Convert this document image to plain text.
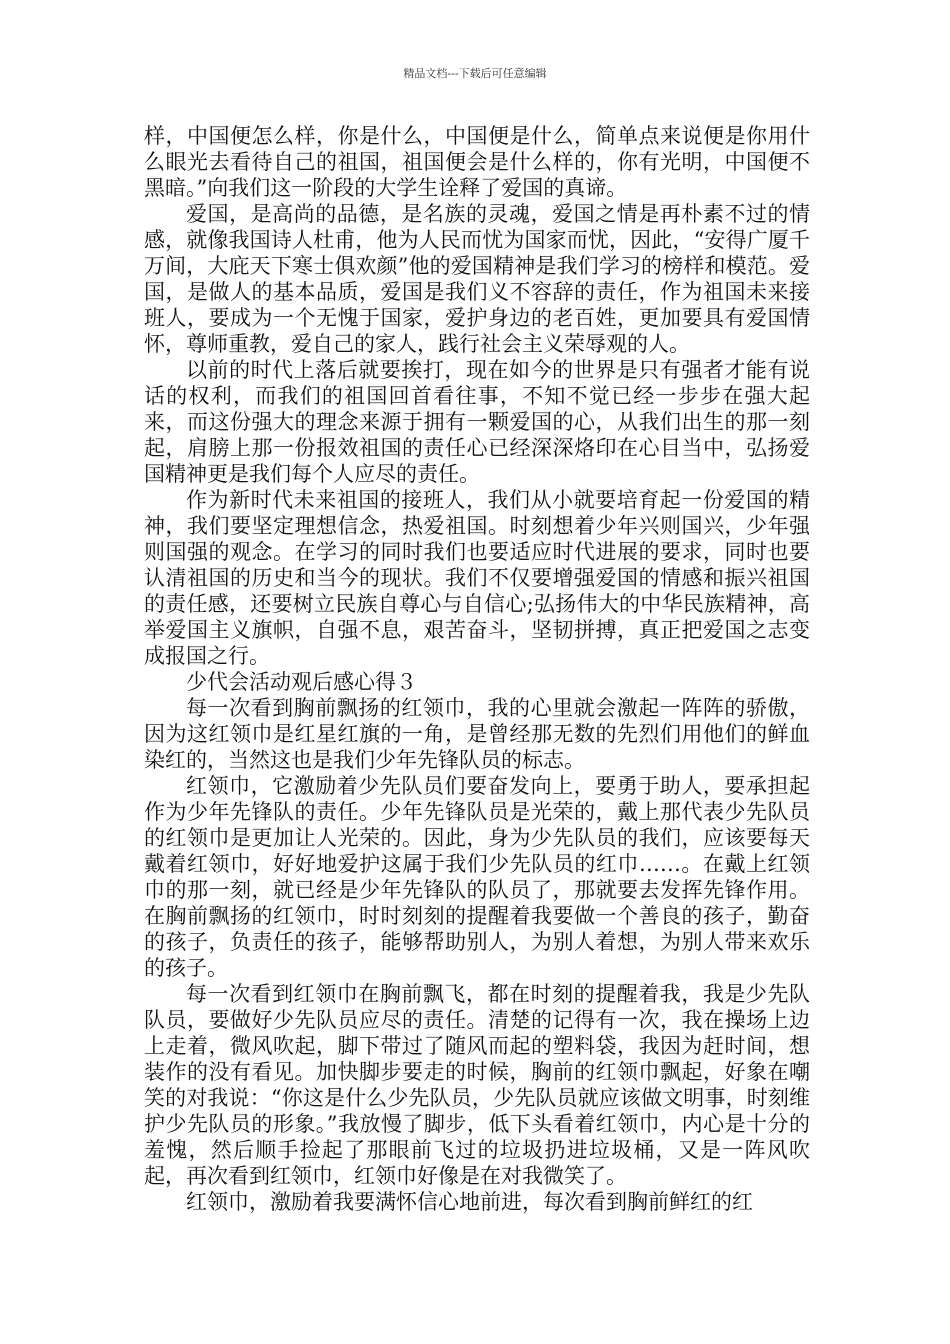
精品文档---下载后可任意编辑

样，中国便怎么样，你是什么，中国便是什么，简单点来说便是你用什么眼光去看待自己的祖国，祖国便会是什么样的，你有光明，中国便不黑暗。”向我们这一阶段的大学生诠释了爱国的真谛。

爱国，是高尚的品德，是名族的灵魂，爱国之情是再朴素不过的情感，就像我国诗人杜甫，他为人民而忧为国家而忧，因此，“安得广厦千万间，大庇天下寒士俱欢颜”他的爱国精神是我们学习的榜样和模范。爱国，是做人的基本品质，爱国是我们义不容辞的责任，作为祖国未来接班人，要成为一个无愧于国家，爱护身边的老百姓，更加要具有爱国情怀，尊师重教，爱自己的家人，践行社会主义荣辱观的人。

以前的时代上落后就要挨打，现在如今的世界是只有强者才能有说话的权利，而我们的祖国回首看往事，不知不觉已经一步步在强大起来，而这份强大的理念来源于拥有一颗爱国的心，从我们出生的那一刻起，肩膀上那一份报效祖国的责任心已经深深烙印在心目当中，弘扬爱国精神更是我们每个人应尽的责任。

作为新时代未来祖国的接班人，我们从小就要培育起一份爱国的精神，我们要坚定理想信念，热爱祖国。时刻想着少年兴则国兴，少年强则国强的观念。在学习的同时我们也要适应时代进展的要求，同时也要认清祖国的历史和当今的现状。我们不仅要增强爱国的情感和振兴祖国的责任感，还要树立民族自尊心与自信心;弘扬伟大的中华民族精神，高举爱国主义旗帜，自强不息，艰苦奋斗，坚韧拼搏，真正把爱国之志变成报国之行。

少代会活动观后感心得３

每一次看到胸前飘扬的红领巾，我的心里就会激起一阵阵的骄傲，因为这红领巾是红星红旗的一角，是曾经那无数的先烈们用他们的鲜血染红的，当然这也是我们少年先锋队员的标志。

红领巾，它激励着少先队员们要奋发向上，要勇于助人，要承担起作为少年先锋队的责任。少年先锋队员是光荣的，戴上那代表少先队员的红领巾是更加让人光荣的。因此，身为少先队员的我们，应该要每天戴着红领巾，好好地爱护这属于我们少先队员的红巾……。在戴上红领巾的那一刻，就已经是少年先锋队的队员了，那就要去发挥先锋作用。在胸前飘扬的红领巾，时时刻刻的提醒着我要做一个善良的孩子，勤奋的孩子，负责任的孩子，能够帮助别人，为别人着想，为别人带来欢乐的孩子。

每一次看到红领巾在胸前飘飞，都在时刻的提醒着我，我是少先队队员，要做好少先队员应尽的责任。清楚的记得有一次，我在操场上边上走着，微风吹起，脚下带过了随风而起的塑料袋，我因为赶时间，想装作的没有看见。加快脚步要走的时候，胸前的红领巾飘起，好象在嘲笑的对我说：“你这是什么少先队员，少先队员就应该做文明事，时刻维护少先队员的形象。”我放慢了脚步，低下头看着红领巾，内心是十分的羞愧，然后顺手捡起了那眼前飞过的垃圾扔进垃圾桶，又是一阵风吹起，再次看到红领巾，红领巾好像是在对我微笑了。

红领巾，激励着我要满怀信心地前进，每次看到胸前鲜红的红
